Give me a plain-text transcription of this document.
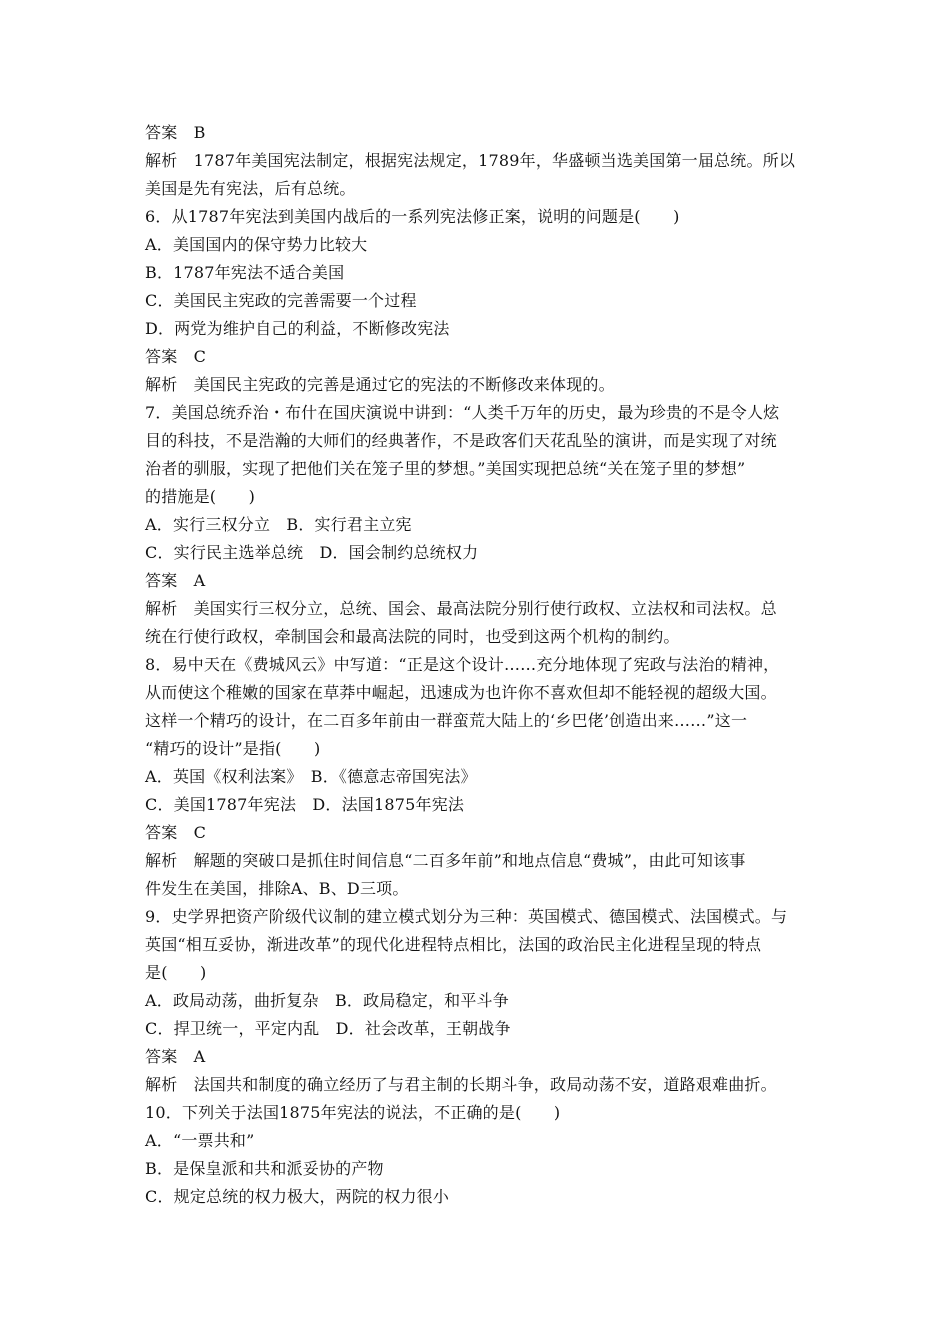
答案　B
解析　1787年美国宪法制定，根据宪法规定，1789年，华盛顿当选美国第一届总统。所以
美国是先有宪法，后有总统。
6．从1787年宪法到美国内战后的一系列宪法修正案，说明的问题是(　　)
A．美国国内的保守势力比较大
B．1787年宪法不适合美国
C．美国民主宪政的完善需要一个过程
D．两党为维护自己的利益，不断修改宪法
答案　C
解析　美国民主宪政的完善是通过它的宪法的不断修改来体现的。
7．美国总统乔治・布什在国庆演说中讲到：“人类千万年的历史，最为珍贵的不是令人炫
目的科技，不是浩瀚的大师们的经典著作，不是政客们天花乱坠的演讲，而是实现了对统
治者的驯服，实现了把他们关在笼子里的梦想。”美国实现把总统“关在笼子里的梦想”
的措施是(　　)
A．实行三权分立　B．实行君主立宪
C．实行民主选举总统　D．国会制约总统权力
答案　A
解析　美国实行三权分立，总统、国会、最高法院分别行使行政权、立法权和司法权。总
统在行使行政权，牵制国会和最高法院的同时，也受到这两个机构的制约。
8．易中天在《费城风云》中写道：“正是这个设计……充分地体现了宪政与法治的精神，
从而使这个稚嫩的国家在草莽中崛起，迅速成为也许你不喜欢但却不能轻视的超级大国。
这样一个精巧的设计，在二百多年前由一群蛮荒大陆上的‘乡巴佬’创造出来……”这一
“精巧的设计”是指(　　)
A．英国《权利法案》　B．《德意志帝国宪法》
C．美国1787年宪法　D．法国1875年宪法
答案　C
解析　解题的突破口是抓住时间信息“二百多年前”和地点信息“费城”，由此可知该事
件发生在美国，排除A、B、D三项。
9．史学界把资产阶级代议制的建立模式划分为三种：英国模式、德国模式、法国模式。与
英国“相互妥协，渐进改革”的现代化进程特点相比，法国的政治民主化进程呈现的特点
是(　　)
A．政局动荡，曲折复杂　B．政局稳定，和平斗争
C．捍卫统一，平定内乱　D．社会改革，王朝战争
答案　A
解析　法国共和制度的确立经历了与君主制的长期斗争，政局动荡不安，道路艰难曲折。
10．下列关于法国1875年宪法的说法，不正确的是(　　)
A．“一票共和”
B．是保皇派和共和派妥协的产物
C．规定总统的权力极大，两院的权力很小
